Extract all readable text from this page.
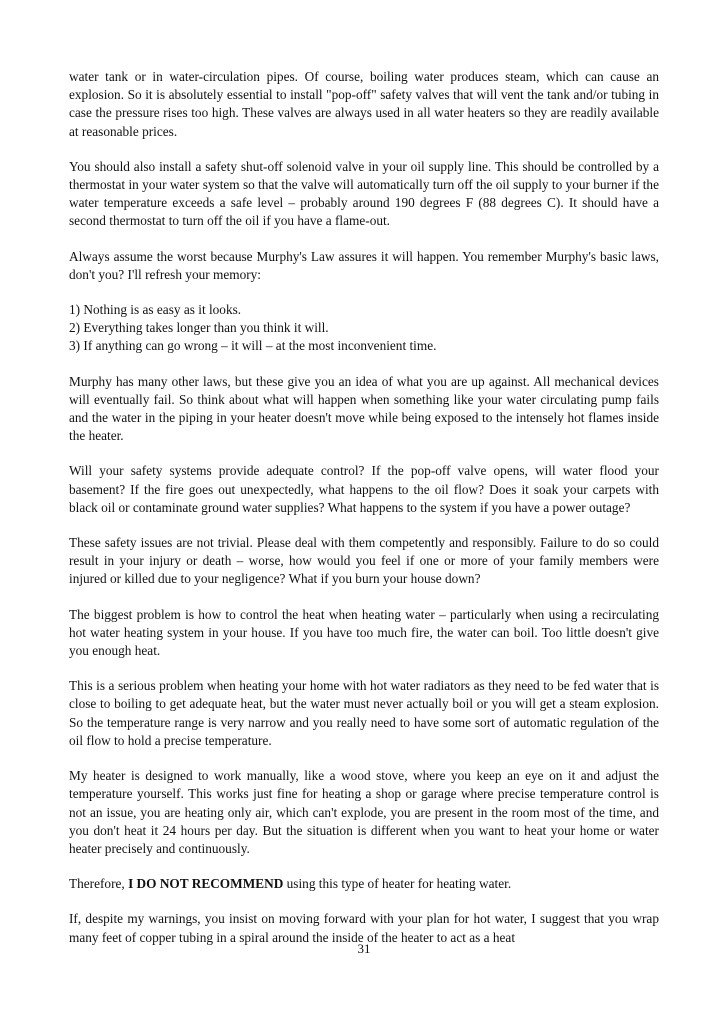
water tank or in water-circulation pipes. Of course, boiling water produces steam, which can cause an explosion. So it is absolutely essential to install "pop-off" safety valves that will vent the tank and/or tubing in case the pressure rises too high. These valves are always used in all water heaters so they are readily available at reasonable prices.

You should also install a safety shut-off solenoid valve in your oil supply line. This should be controlled by a thermostat in your water system so that the valve will automatically turn off the oil supply to your burner if the water temperature exceeds a safe level – probably around 190 degrees F (88 degrees C). It should have a second thermostat to turn off the oil if you have a flame-out.

Always assume the worst because Murphy's Law assures it will happen. You remember Murphy's basic laws, don't you? I'll refresh your memory:

1) Nothing is as easy as it looks.
2) Everything takes longer than you think it will.
3) If anything can go wrong – it will – at the most inconvenient time.

Murphy has many other laws, but these give you an idea of what you are up against. All mechanical devices will eventually fail. So think about what will happen when something like your water circulating pump fails and the water in the piping in your heater doesn't move while being exposed to the intensely hot flames inside the heater.

Will your safety systems provide adequate control? If the pop-off valve opens, will water flood your basement? If the fire goes out unexpectedly, what happens to the oil flow? Does it soak your carpets with black oil or contaminate ground water supplies? What happens to the system if you have a power outage?

These safety issues are not trivial. Please deal with them competently and responsibly. Failure to do so could result in your injury or death – worse, how would you feel if one or more of your family members were injured or killed due to your negligence? What if you burn your house down?

The biggest problem is how to control the heat when heating water – particularly when using a recirculating hot water heating system in your house. If you have too much fire, the water can boil. Too little doesn't give you enough heat.

This is a serious problem when heating your home with hot water radiators as they need to be fed water that is close to boiling to get adequate heat, but the water must never actually boil or you will get a steam explosion. So the temperature range is very narrow and you really need to have some sort of automatic regulation of the oil flow to hold a precise temperature.

My heater is designed to work manually, like a wood stove, where you keep an eye on it and adjust the temperature yourself. This works just fine for heating a shop or garage where precise temperature control is not an issue, you are heating only air, which can't explode, you are present in the room most of the time, and you don't heat it 24 hours per day. But the situation is different when you want to heat your home or water heater precisely and continuously.

Therefore, I DO NOT RECOMMEND using this type of heater for heating water.

If, despite my warnings, you insist on moving forward with your plan for hot water, I suggest that you wrap many feet of copper tubing in a spiral around the inside of the heater to act as a heat

31
